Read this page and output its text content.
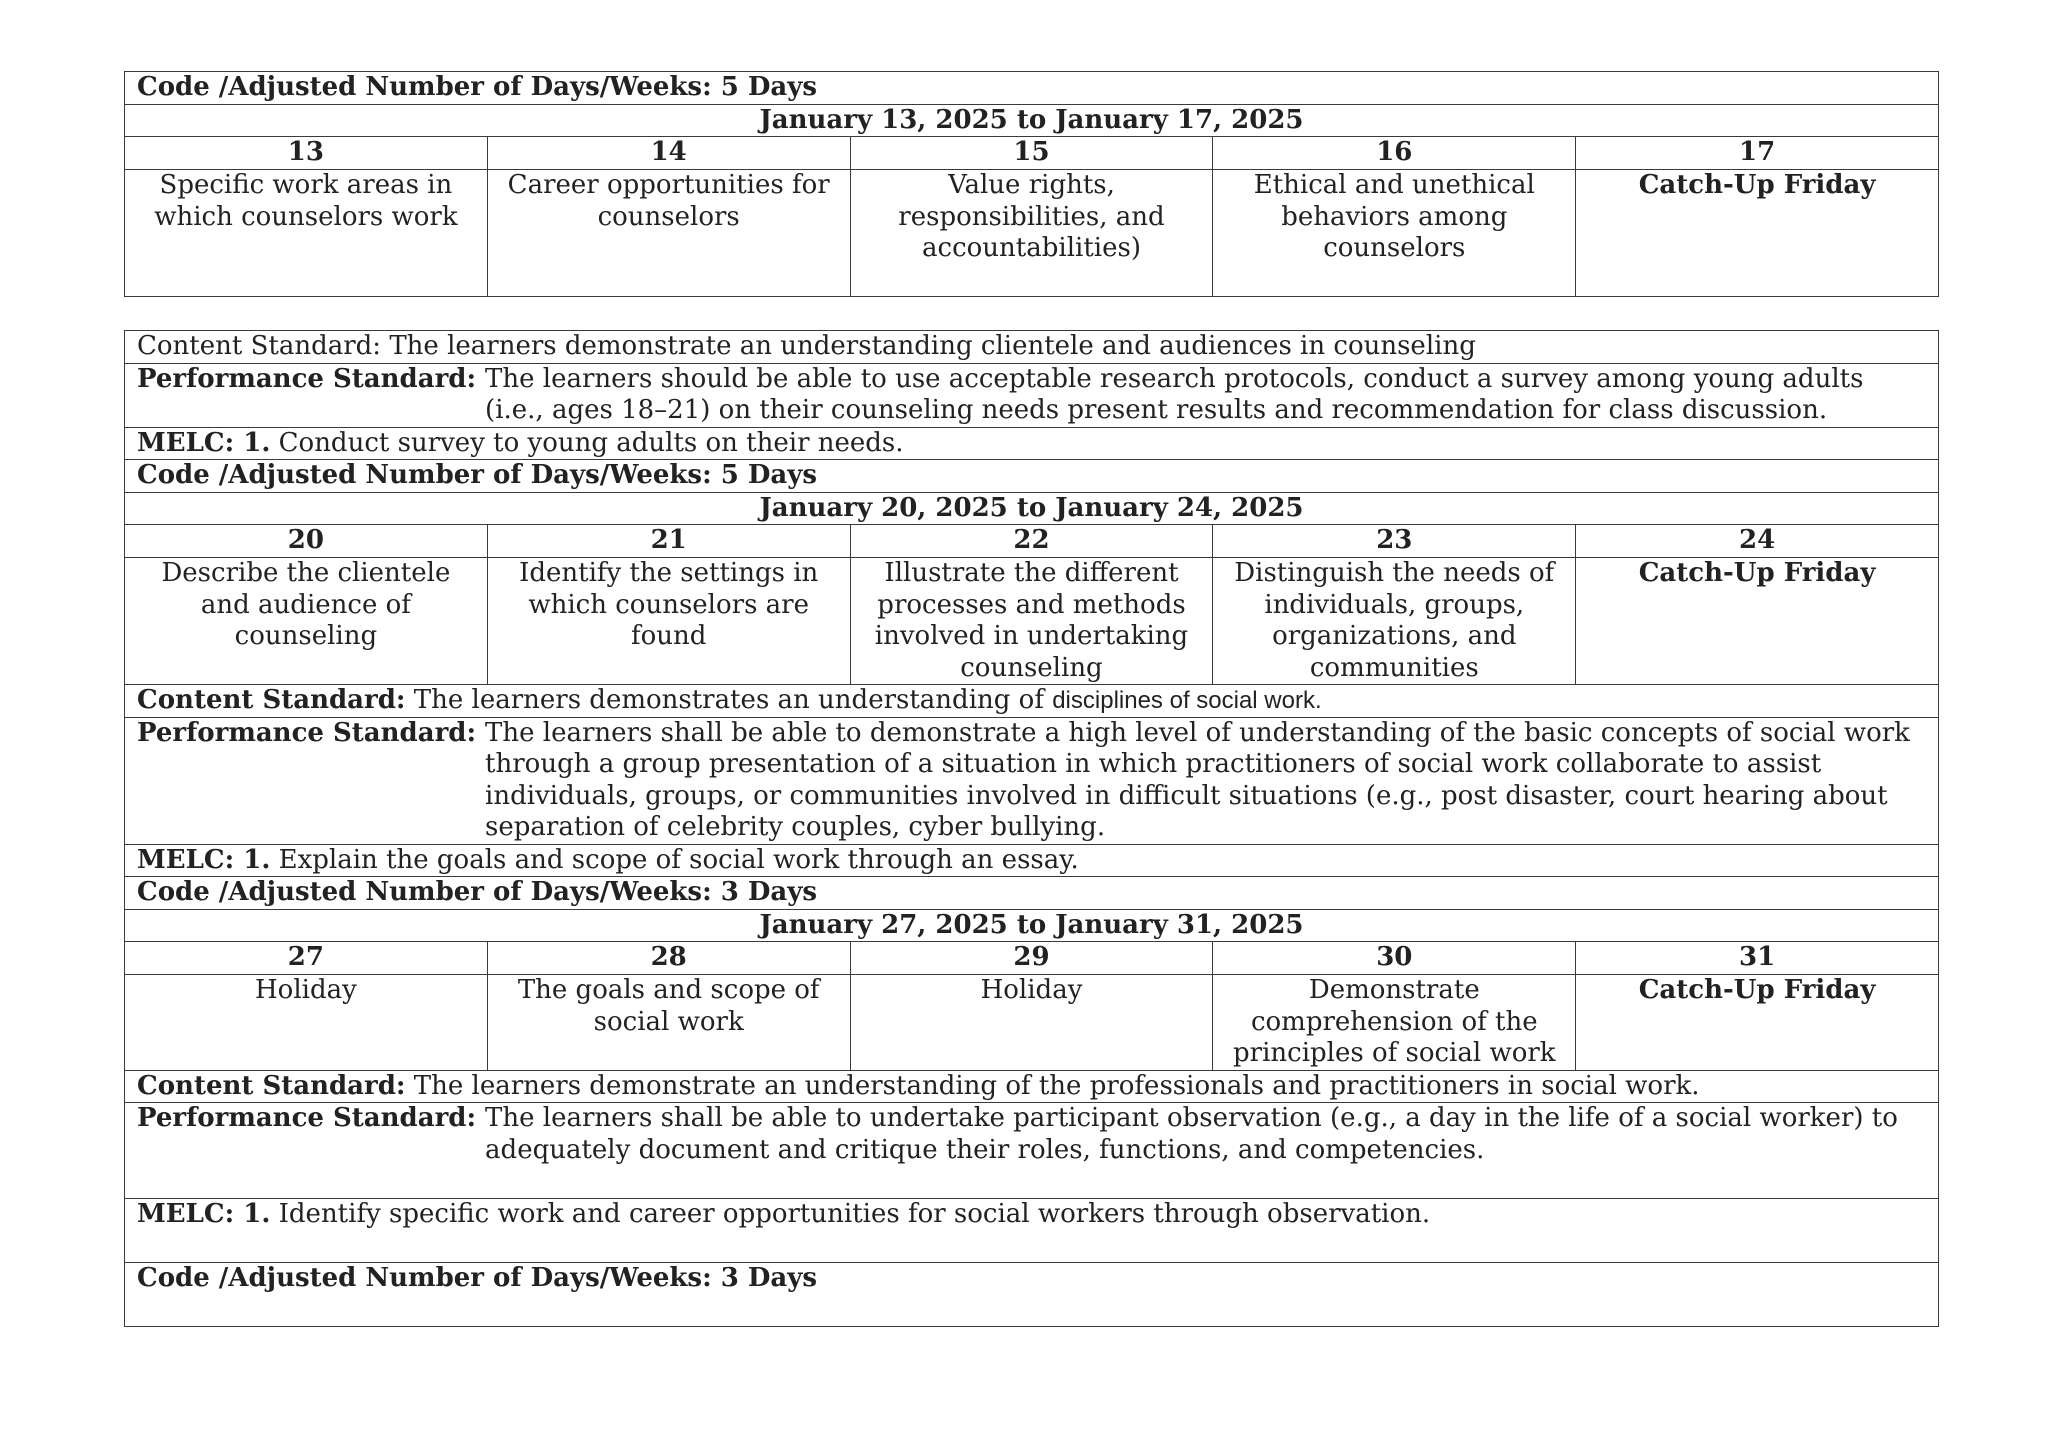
Code /Adjusted Number of Days/Weeks: 5 Days				
January 13, 2025 to January 17, 2025				
13	14	15	16	17
Specific work areas in which counselors work	Career opportunities for counselors	Value rights, responsibilities, and accountabilities)	Ethical and unethical behaviors among counselors	Catch-Up Friday
Content Standard: The learners demonstrate an understanding clientele and audiences in counseling				

Performance Standard: The learners should be able to use acceptable research protocols, conduct a survey among young adults (i.e., ages 18–21) on their counseling needs present results and recommendation for class discussion.				

MELC: 1. Conduct survey to young adults on their needs.				
Code /Adjusted Number of Days/Weeks: 5 Days				
January 20, 2025 to January 24, 2025				
20	21	22	23	24
Describe the clientele and audience of counseling	Identify the settings in which counselors are found	Illustrate the different processes and methods involved in undertaking counseling	Distinguish the needs of individuals, groups, organizations, and communities	Catch-Up Friday
Content Standard: The learners demonstrates an understanding of disciplines of social work.				

Performance Standard: The learners shall be able to demonstrate a high level of understanding of the basic concepts of social work through a group presentation of a situation in which practitioners of social work collaborate to assist individuals, groups, or communities involved in difficult situations (e.g., post disaster, court hearing about separation of celebrity couples, cyber bullying.				

MELC: 1. Explain the goals and scope of social work through an essay.				
Code /Adjusted Number of Days/Weeks: 3 Days				
January 27, 2025 to January 31, 2025				
27	28	29	30	31
Holiday	The goals and scope of social work	Holiday	Demonstrate comprehension of the principles of social work	Catch-Up Friday
Content Standard: The learners demonstrate an understanding of the professionals and practitioners in social work.				

Performance Standard: The learners shall be able to undertake participant observation (e.g., a day in the life of a social worker) to adequately document and critique their roles, functions, and competencies.				

MELC: 1. Identify specific work and career opportunities for social workers through observation.				
Code /Adjusted Number of Days/Weeks: 3 Days				
